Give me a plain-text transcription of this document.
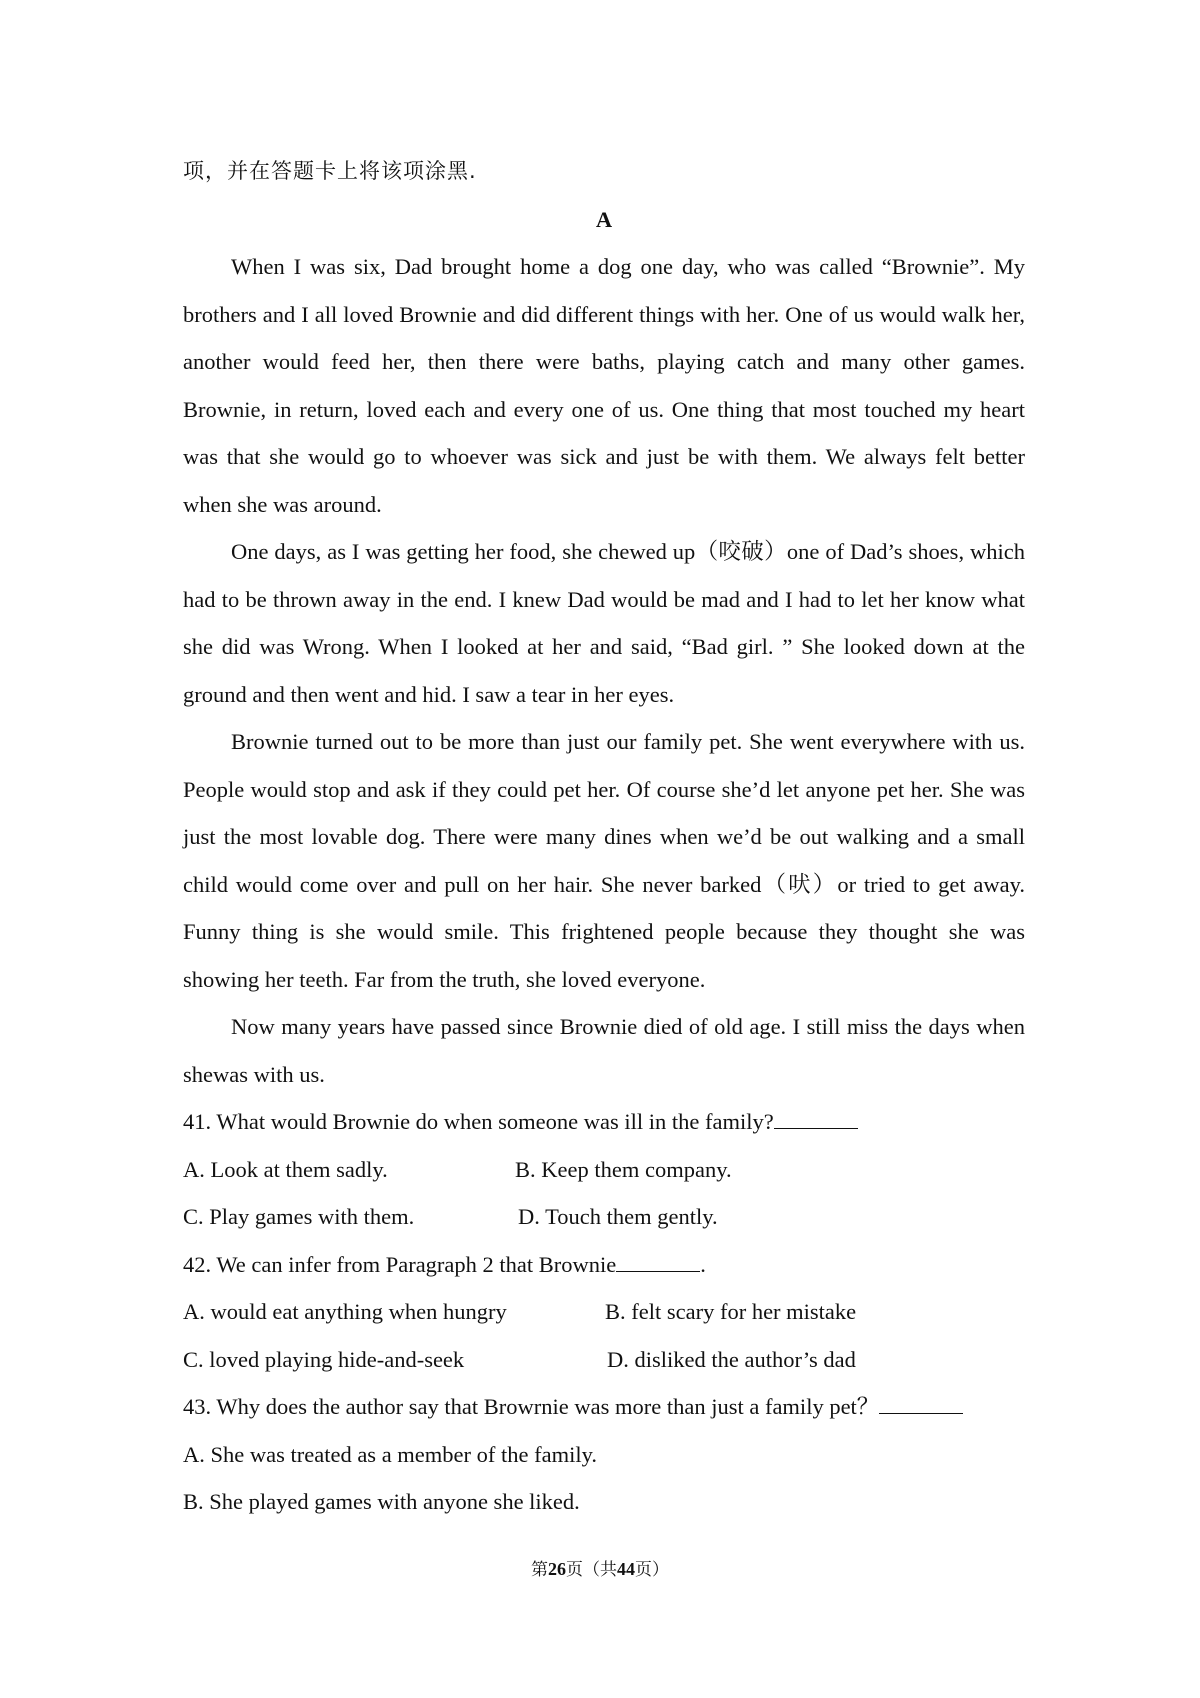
项，并在答题卡上将该项涂黑.
A
When I was six, Dad brought home a dog one day, who was called “Brownie”. My brothers and I all loved Brownie and did different things with her. One of us would walk her, another would feed her, then there were baths, playing catch and many other games. Brownie, in return, loved each and every one of us. One thing that most touched my heart was that she would go to whoever was sick and just be with them. We always felt better when she was around.
One days, as I was getting her food, she chewed up（咬破）one of Dad’s shoes, which had to be thrown away in the end. I knew Dad would be mad and I had to let her know what she did was Wrong. When I looked at her and said, “Bad girl. ” She looked down at the ground and then went and hid. I saw a tear in her eyes.
Brownie turned out to be more than just our family pet. She went everywhere with us. People would stop and ask if they could pet her. Of course she’d let anyone pet her. She was just the most lovable dog. There were many dines when we’d be out walking and a small child would come over and pull on her hair. She never barked（吠）or tried to get away. Funny thing is she would smile. This frightened people because they thought she was showing her teeth. Far from the truth, she loved everyone.
Now many years have passed since Brownie died of old age. I still miss the days when shewas with us.
41. What would Brownie do when someone was ill in the family?
A. Look at them sadly.	B. Keep them company.
C. Play games with them.	D. Touch them gently.
42. We can infer from Paragraph 2 that Brownie	.
A. would eat anything when hungry	B. felt scary for her mistake
C. loved playing hide-and-seek	D. disliked the author’s dad
43. Why does the author say that Browrnie was more than just a family pet？
A. She was treated as a member of the family.
B. She played games with anyone she liked.
第26页（共44页）
